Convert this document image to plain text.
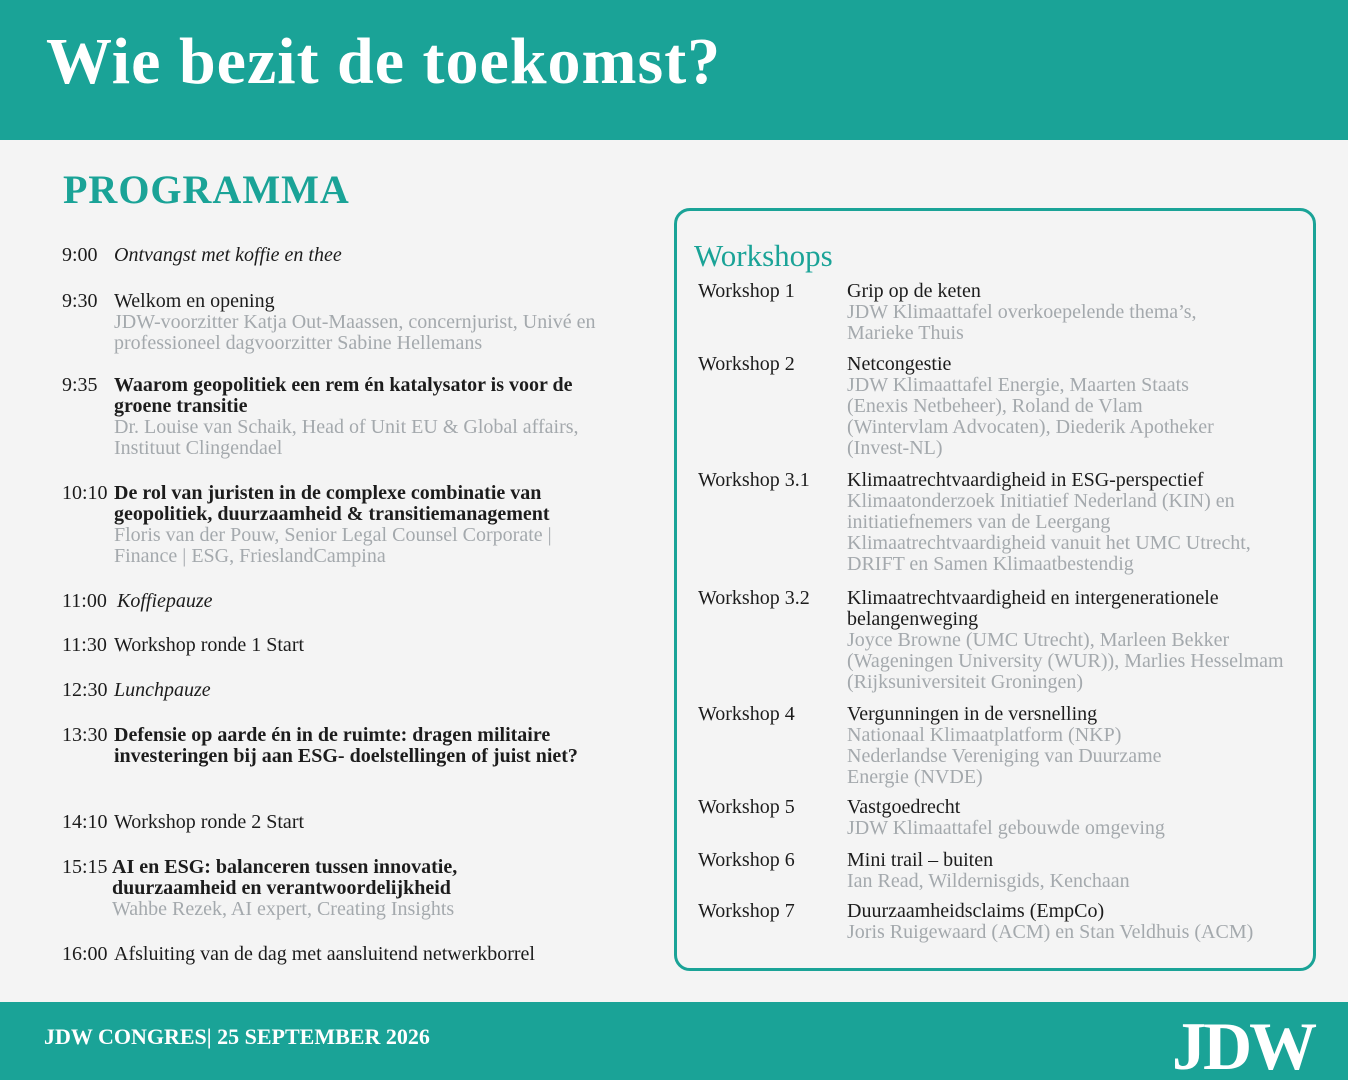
Wie bezit de toekomst?
PROGRAMMA
9:00 Ontvangst met koffie en thee
9:30 Welkom en opening
JDW-voorzitter Katja Out-Maassen, concernjurist, Univé en professioneel dagvoorzitter Sabine Hellemans
9:35 Waarom geopolitiek een rem én katalysator is voor de groene transitie
Dr. Louise van Schaik, Head of Unit EU & Global affairs, Instituut Clingendael
10:10 De rol van juristen in de complexe combinatie van geopolitiek, duurzaamheid & transitiemanagement
Floris van der Pouw, Senior Legal Counsel Corporate | Finance | ESG, FrieslandCampina
11:00 Koffiepauze
11:30 Workshop ronde 1 Start
12:30 Lunchpauze
13:30 Defensie op aarde én in de ruimte: dragen militaire investeringen bij aan ESG- doelstellingen of juist niet?
14:10 Workshop ronde 2 Start
15:15 AI en ESG: balanceren tussen innovatie, duurzaamheid en verantwoordelijkheid
Wahbe Rezek, AI expert, Creating Insights
16:00 Afsluiting van de dag met aansluitend netwerkborrel
Workshops
Workshop 1	Grip op de keten
JDW Klimaattafel overkoepelende thema’s, Marieke Thuis
Workshop 2	Netcongestie
JDW Klimaattafel Energie, Maarten Staats (Enexis Netbeheer), Roland de Vlam (Wintervlam Advocaten), Diederik Apotheker (Invest-NL)
Workshop 3.1 Klimaatrechtvaardigheid in ESG-perspectief
Klimaatonderzoek Initiatief Nederland (KIN) en initiatiefnemers van de Leergang Klimaatrechtvaardigheid vanuit het UMC Utrecht, DRIFT en Samen Klimaatbestendig
Workshop 3.2 Klimaatrechtvaardigheid en intergenerationele belangenweging
Joyce Browne (UMC Utrecht), Marleen Bekker (Wageningen University (WUR)), Marlies Hesselmam (Rijksuniversiteit Groningen)
Workshop 4	Vergunningen in de versnelling
Nationaal Klimaatplatform (NKP) Nederlandse Vereniging van Duurzame Energie (NVDE)
Workshop 5	Vastgoedrecht
JDW Klimaattafel gebouwde omgeving
Workshop 6	Mini trail – buiten
Ian Read, Wildernisgids, Kenchaan
Workshop 7	Duurzaamheidsclaims (EmpCo)
Joris Ruigewaard (ACM) en Stan Veldhuis (ACM)
JDW CONGRES| 25 SEPTEMBER 2026	JDW
